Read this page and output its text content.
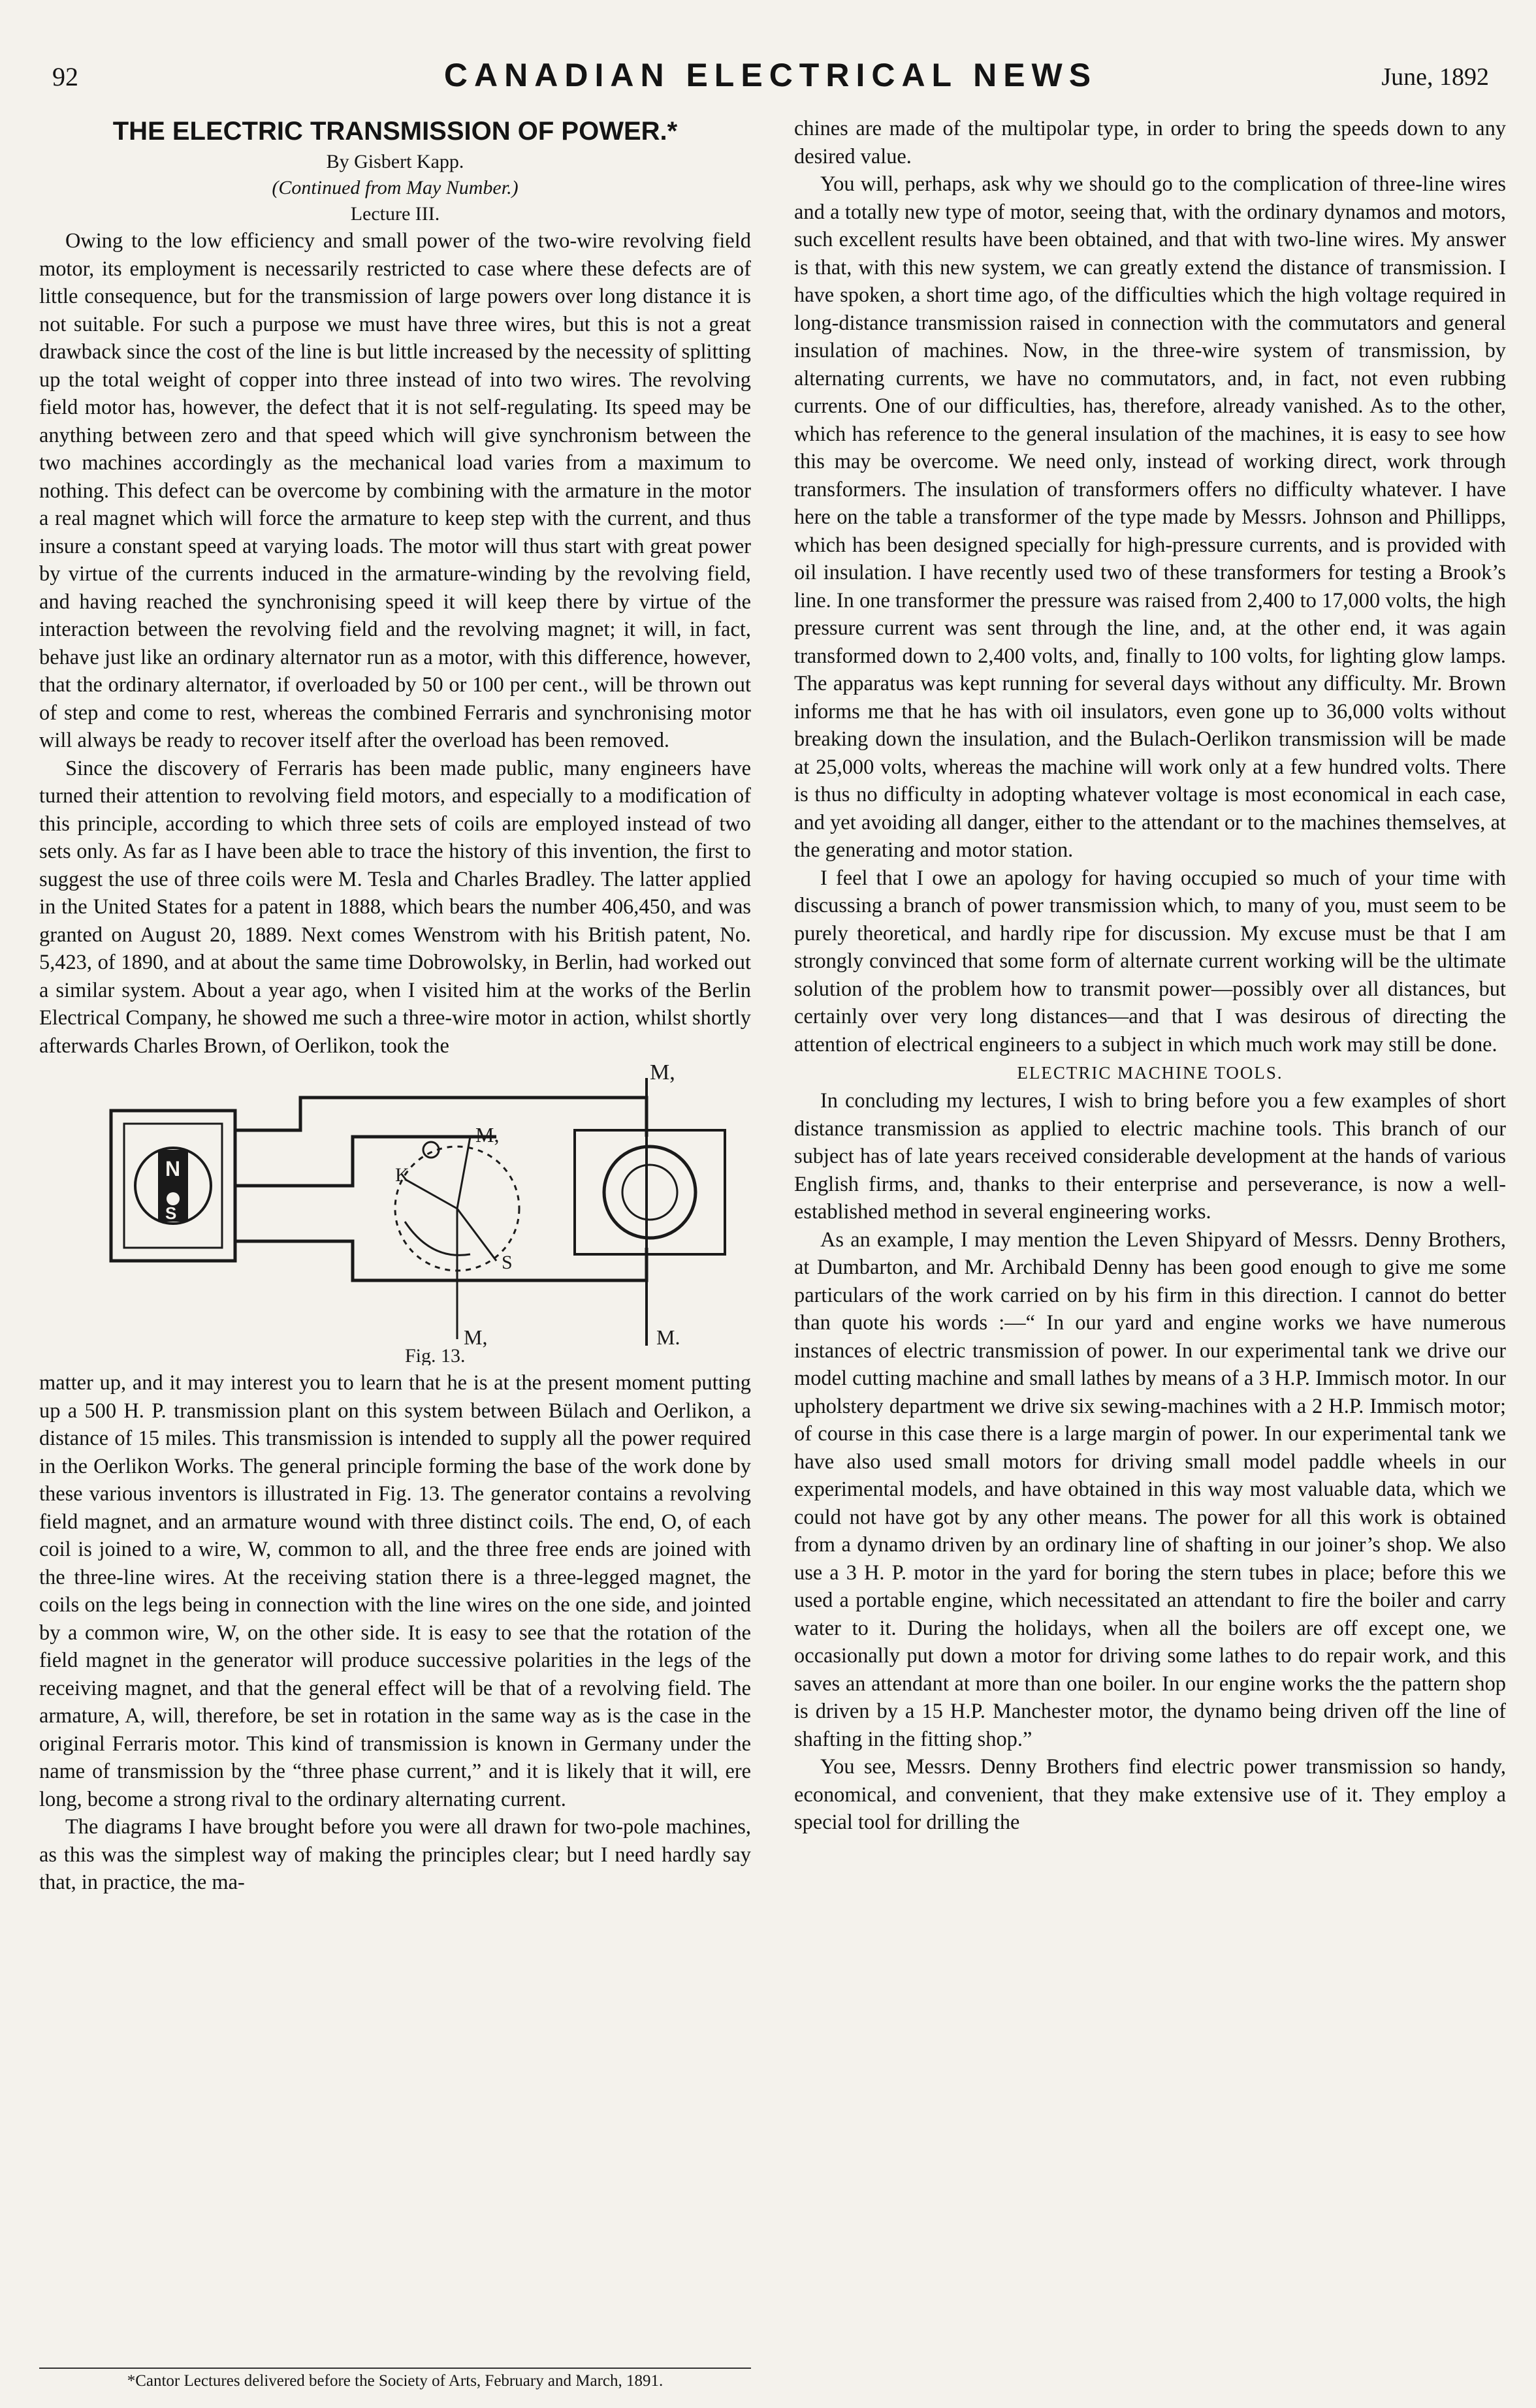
92	CANADIAN ELECTRICAL NEWS	June, 1892
THE ELECTRIC TRANSMISSION OF POWER.*
By Gisbert Kapp.
(Continued from May Number.)
Lecture III.

Owing to the low efficiency and small power of the two-wire revolving field motor, its employment is necessarily restricted to case where these defects are of little consequence, but for the transmission of large powers over long distance it is not suitable. For such a purpose we must have three wires, but this is not a great drawback since the cost of the line is but little increased by the necessity of splitting up the total weight of copper into three instead of into two wires. The revolving field motor has, however, the defect that it is not self-regulating. Its speed may be anything between zero and that speed which will give synchronism between the two machines accordingly as the mechanical load varies from a maximum to nothing. This defect can be overcome by combining with the armature in the motor a real magnet which will force the armature to keep step with the current, and thus insure a constant speed at varying loads. The motor will thus start with great power by virtue of the currents induced in the armature-winding by the revolving field, and having reached the synchronising speed it will keep there by virtue of the interaction between the revolving field and the revolving magnet; it will, in fact, behave just like an ordinary alternator run as a motor, with this difference, however, that the ordinary alternator, if overloaded by 50 or 100 per cent., will be thrown out of step and come to rest, whereas the combined Ferraris and synchronising motor will always be ready to recover itself after the overload has been removed.

Since the discovery of Ferraris has been made public, many engineers have turned their attention to revolving field motors, and especially to a modification of this principle, according to which three sets of coils are employed instead of two sets only. As far as I have been able to trace the history of this invention, the first to suggest the use of three coils were M. Tesla and Charles Bradley. The latter applied in the United States for a patent in 1888, which bears the number 406,450, and was granted on August 20, 1889. Next comes Wenstrom with his British patent, No. 5,423, of 1890, and at about the same time Dobrowolsky, in Berlin, had worked out a similar system. About a year ago, when I visited him at the works of the Berlin Electrical Company, he showed me such a three-wire motor in action, whilst shortly afterwards Charles Brown, of Oerlikon, took the

N
S
M,
M,
M,	M.
K
S
Fig. 13.

matter up, and it may interest you to learn that he is at the present moment putting up a 500 H. P. transmission plant on this system between Bülach and Oerlikon, a distance of 15 miles. This transmission is intended to supply all the power required in the Oerlikon Works. The general principle forming the base of the work done by these various inventors is illustrated in Fig. 13. The generator contains a revolving field magnet, and an armature wound with three distinct coils. The end, O, of each coil is joined to a wire, W, common to all, and the three free ends are joined with the three-line wires. At the receiving station there is a three-legged magnet, the coils on the legs being in connection with the line wires on the one side, and jointed by a common wire, W, on the other side. It is easy to see that the rotation of the field magnet in the generator will produce successive polarities in the legs of the receiving magnet, and that the general effect will be that of a revolving field. The armature, A, will, therefore, be set in rotation in the same way as is the case in the original Ferraris motor. This kind of transmission is known in Germany under the name of transmission by the “three phase current,” and it is likely that it will, ere long, become a strong rival to the ordinary alternating current.

The diagrams I have brought before you were all drawn for two-pole machines, as this was the simplest way of making the principles clear; but I need hardly say that, in practice, the ma-

chines are made of the multipolar type, in order to bring the speeds down to any desired value.

You will, perhaps, ask why we should go to the complication of three-line wires and a totally new type of motor, seeing that, with the ordinary dynamos and motors, such excellent results have been obtained, and that with two-line wires. My answer is that, with this new system, we can greatly extend the distance of transmission. I have spoken, a short time ago, of the difficulties which the high voltage required in long-distance transmission raised in connection with the commutators and general insulation of machines. Now, in the three-wire system of transmission, by alternating currents, we have no commutators, and, in fact, not even rubbing currents. One of our difficulties, has, therefore, already vanished. As to the other, which has reference to the general insulation of the machines, it is easy to see how this may be overcome. We need only, instead of working direct, work through transformers. The insulation of transformers offers no difficulty whatever. I have here on the table a transformer of the type made by Messrs. Johnson and Phillipps, which has been designed specially for high-pressure currents, and is provided with oil insulation. I have recently used two of these transformers for testing a Brook’s line. In one transformer the pressure was raised from 2,400 to 17,000 volts, the high pressure current was sent through the line, and, at the other end, it was again transformed down to 2,400 volts, and, finally to 100 volts, for lighting glow lamps. The apparatus was kept running for several days without any difficulty. Mr. Brown informs me that he has with oil insulators, even gone up to 36,000 volts without breaking down the insulation, and the Bulach-Oerlikon transmission will be made at 25,000 volts, whereas the machine will work only at a few hundred volts. There is thus no difficulty in adopting whatever voltage is most economical in each case, and yet avoiding all danger, either to the attendant or to the machines themselves, at the generating and motor station.

I feel that I owe an apology for having occupied so much of your time with discussing a branch of power transmission which, to many of you, must seem to be purely theoretical, and hardly ripe for discussion. My excuse must be that I am strongly convinced that some form of alternate current working will be the ultimate solution of the problem how to transmit power—possibly over all distances, but certainly over very long distances—and that I was desirous of directing the attention of electrical engineers to a subject in which much work may still be done.

ELECTRIC MACHINE TOOLS.

In concluding my lectures, I wish to bring before you a few examples of short distance transmission as applied to electric machine tools. This branch of our subject has of late years received considerable development at the hands of various English firms, and, thanks to their enterprise and perseverance, is now a well-established method in several engineering works.

As an example, I may mention the Leven Shipyard of Messrs. Denny Brothers, at Dumbarton, and Mr. Archibald Denny has been good enough to give me some particulars of the work carried on by his firm in this direction. I cannot do better than quote his words :—“ In our yard and engine works we have numerous instances of electric transmission of power. In our experimental tank we drive our model cutting machine and small lathes by means of a 3 H.P. Immisch motor. In our upholstery department we drive six sewing-machines with a 2 H.P. Immisch motor; of course in this case there is a large margin of power. In our experimental tank we have also used small motors for driving small model paddle wheels in our experimental models, and have obtained in this way most valuable data, which we could not have got by any other means. The power for all this work is obtained from a dynamo driven by an ordinary line of shafting in our joiner’s shop. We also use a 3 H. P. motor in the yard for boring the stern tubes in place; before this we used a portable engine, which necessitated an attendant to fire the boiler and carry water to it. During the holidays, when all the boilers are off except one, we occasionally put down a motor for driving some lathes to do repair work, and this saves an attendant at more than one boiler. In our engine works the the pattern shop is driven by a 15 H.P. Manchester motor, the dynamo being driven off the line of shafting in the fitting shop.”

You see, Messrs. Denny Brothers find electric power transmission so handy, economical, and convenient, that they make extensive use of it. They employ a special tool for drilling the

*Cantor Lectures delivered before the Society of Arts, February and March, 1891.
